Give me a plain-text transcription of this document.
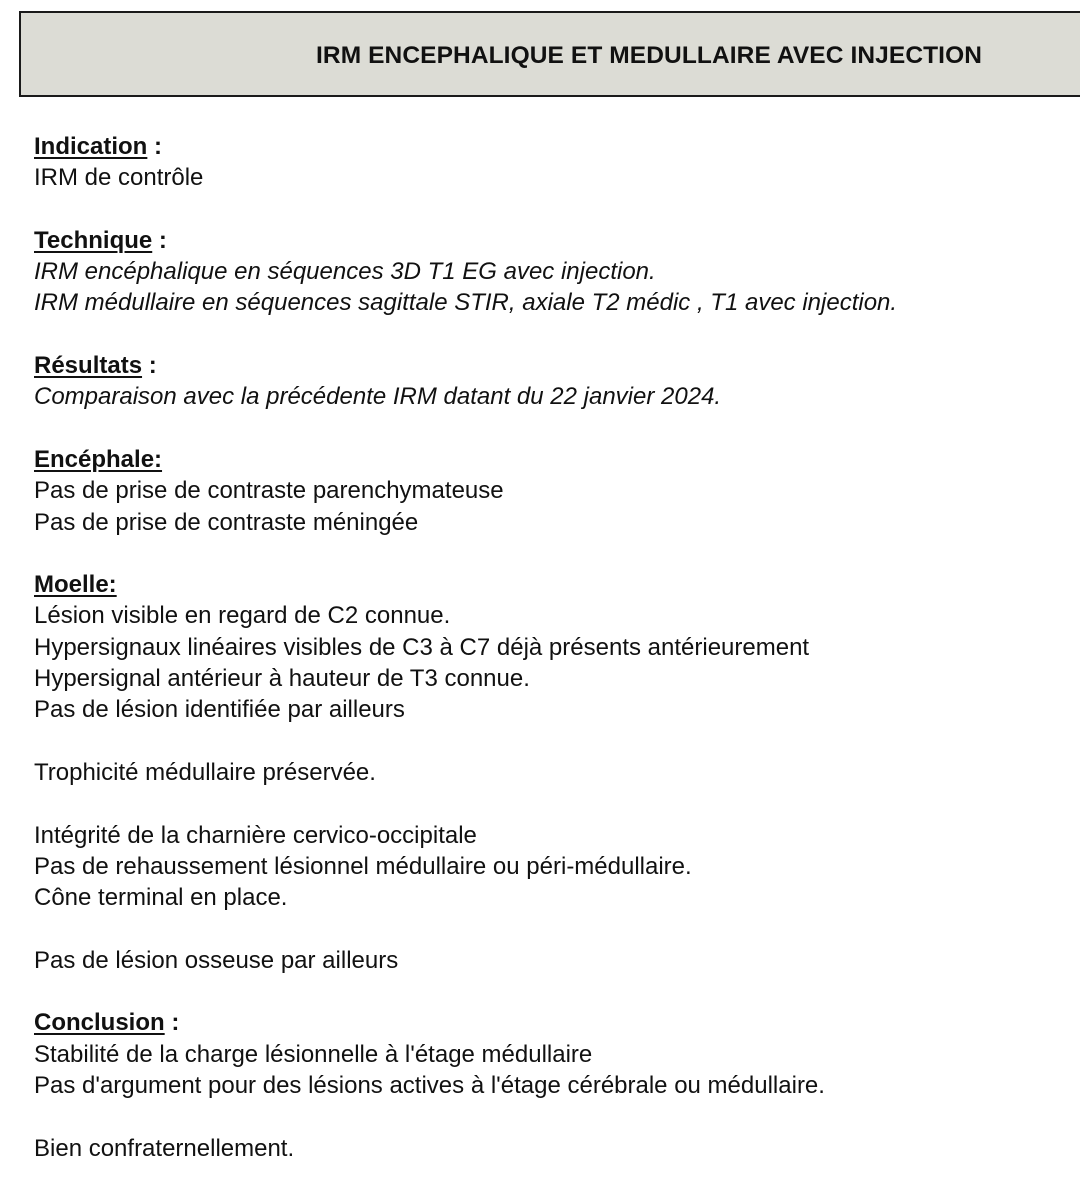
IRM ENCEPHALIQUE ET MEDULLAIRE AVEC INJECTION
Indication :
IRM de contrôle
Technique :
IRM encéphalique en séquences 3D T1 EG avec injection.
IRM médullaire en séquences sagittale STIR, axiale T2 médic , T1 avec injection.
Résultats :
Comparaison avec la précédente IRM datant du 22 janvier 2024.
Encéphale:
Pas de prise de contraste parenchymateuse
Pas de prise de contraste méningée
Moelle:
Lésion visible en regard de C2 connue.
Hypersignaux linéaires visibles de C3 à C7 déjà présents antérieurement
Hypersignal antérieur à hauteur de T3 connue.
Pas de lésion identifiée par ailleurs
Trophicité médullaire préservée.
Intégrité de la charnière cervico-occipitale
Pas de rehaussement lésionnel médullaire ou péri-médullaire.
Cône terminal en place.
Pas de lésion osseuse par ailleurs
Conclusion :
Stabilité de la charge lésionnelle à l'étage médullaire
Pas d'argument pour des lésions actives à l'étage cérébrale ou médullaire.
Bien confraternellement.
